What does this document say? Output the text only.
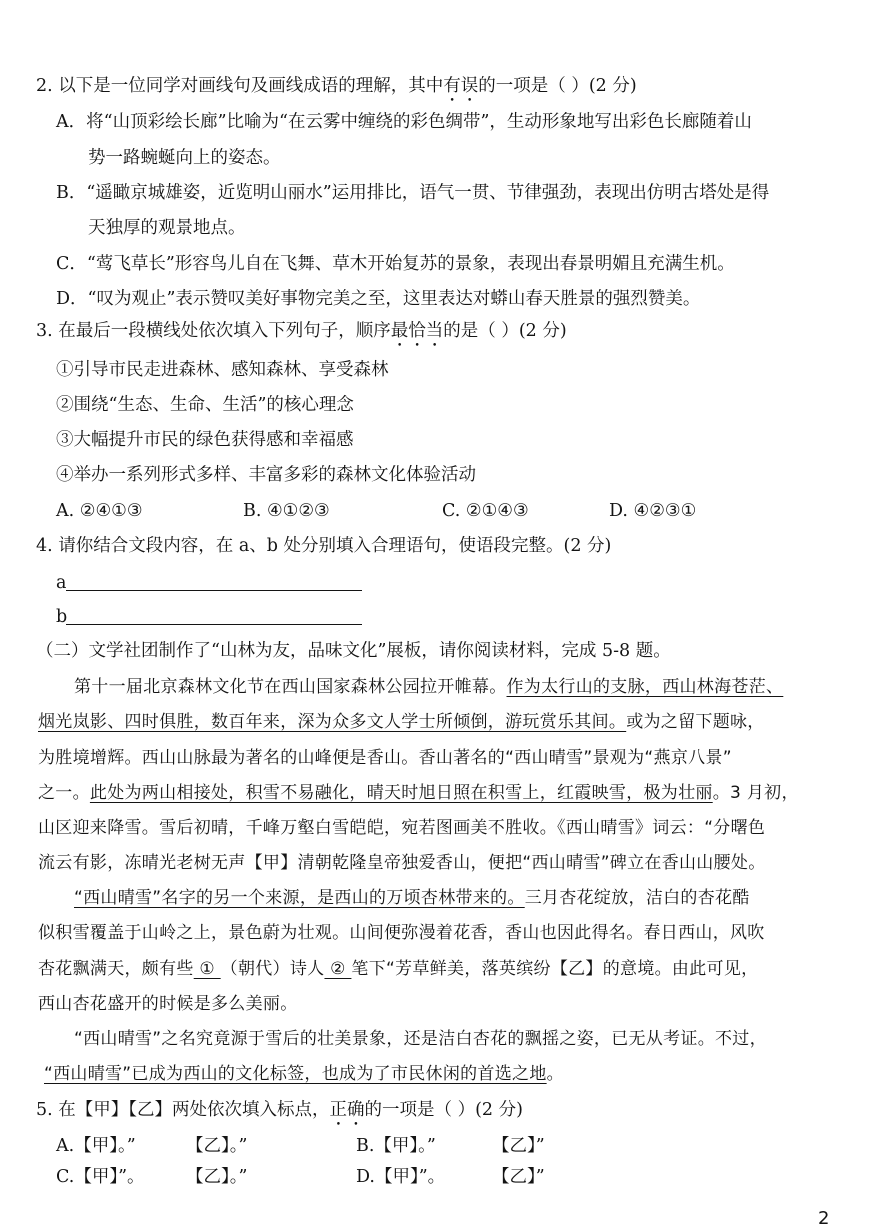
2. 以下是一位同学对画线句及画线成语的理解，其中有误的一项是（ ）(2 分)
A．将“山顶彩绘长廊”比喻为“在云雾中缠绕的彩色绸带”，生动形象地写出彩色长廊随着山
势一路蜿蜒向上的姿态。
B．“遥瞰京城雄姿，近览明山丽水”运用排比，语气一贯、节律强劲，表现出仿明古塔处是得
天独厚的观景地点。
C．“莺飞草长”形容鸟儿自在飞舞、草木开始复苏的景象，表现出春景明媚且充满生机。
D．“叹为观止”表示赞叹美好事物完美之至，这里表达对蟒山春天胜景的强烈赞美。
3. 在最后一段横线处依次填入下列句子，顺序最恰当的是（ ）(2 分)
①引导市民走进森林、感知森林、享受森林
②围绕“生态、生命、生活”的核心理念
③大幅提升市民的绿色获得感和幸福感
④举办一系列形式多样、丰富多彩的森林文化体验活动
A. ②④①③	B. ④①②③	C. ②①④③	D. ④②③①
4. 请你结合文段内容，在 a、b 处分别填入合理语句，使语段完整。(2 分)
a
b
（二）文学社团制作了“山林为友，品味文化”展板，请你阅读材料，完成 5-8 题。
第十一届北京森林文化节在西山国家森林公园拉开帷幕。作为太行山的支脉，西山林海苍茫、
烟光岚影、四时俱胜，数百年来，深为众多文人学士所倾倒，游玩赏乐其间。或为之留下题咏，
为胜境增辉。西山山脉最为著名的山峰便是香山。香山著名的“西山晴雪”景观为“燕京八景”
之一。此处为两山相接处，积雪不易融化，晴天时旭日照在积雪上，红霞映雪，极为壮丽。3 月初，
山区迎来降雪。雪后初晴，千峰万壑白雪皑皑，宛若图画美不胜收。《西山晴雪》词云：“分曙色
流云有影，冻晴光老树无声【甲】清朝乾隆皇帝独爱香山，便把“西山晴雪”碑立在香山山腰处。
“西山晴雪”名字的另一个来源，是西山的万顷杏林带来的。三月杏花绽放，洁白的杏花酷
似积雪覆盖于山岭之上，景色蔚为壮观。山间便弥漫着花香，香山也因此得名。春日西山，风吹
杏花飘满天，颇有些 ① （朝代）诗人 ② 笔下“芳草鲜美，落英缤纷【乙】的意境。由此可见，
西山杏花盛开的时候是多么美丽。
“西山晴雪”之名究竟源于雪后的壮美景象，还是洁白杏花的飘摇之姿，已无从考证。不过，
“西山晴雪”已成为西山的文化标签，也成为了市民休闲的首选之地。
5. 在【甲】【乙】两处依次填入标点，正确的一项是（ ）(2 分)
A.【甲】。”	【乙】。”	B.【甲】。”	【乙】”
C.【甲】”。 【乙】。”	D.【甲】”。	【乙】”
2
